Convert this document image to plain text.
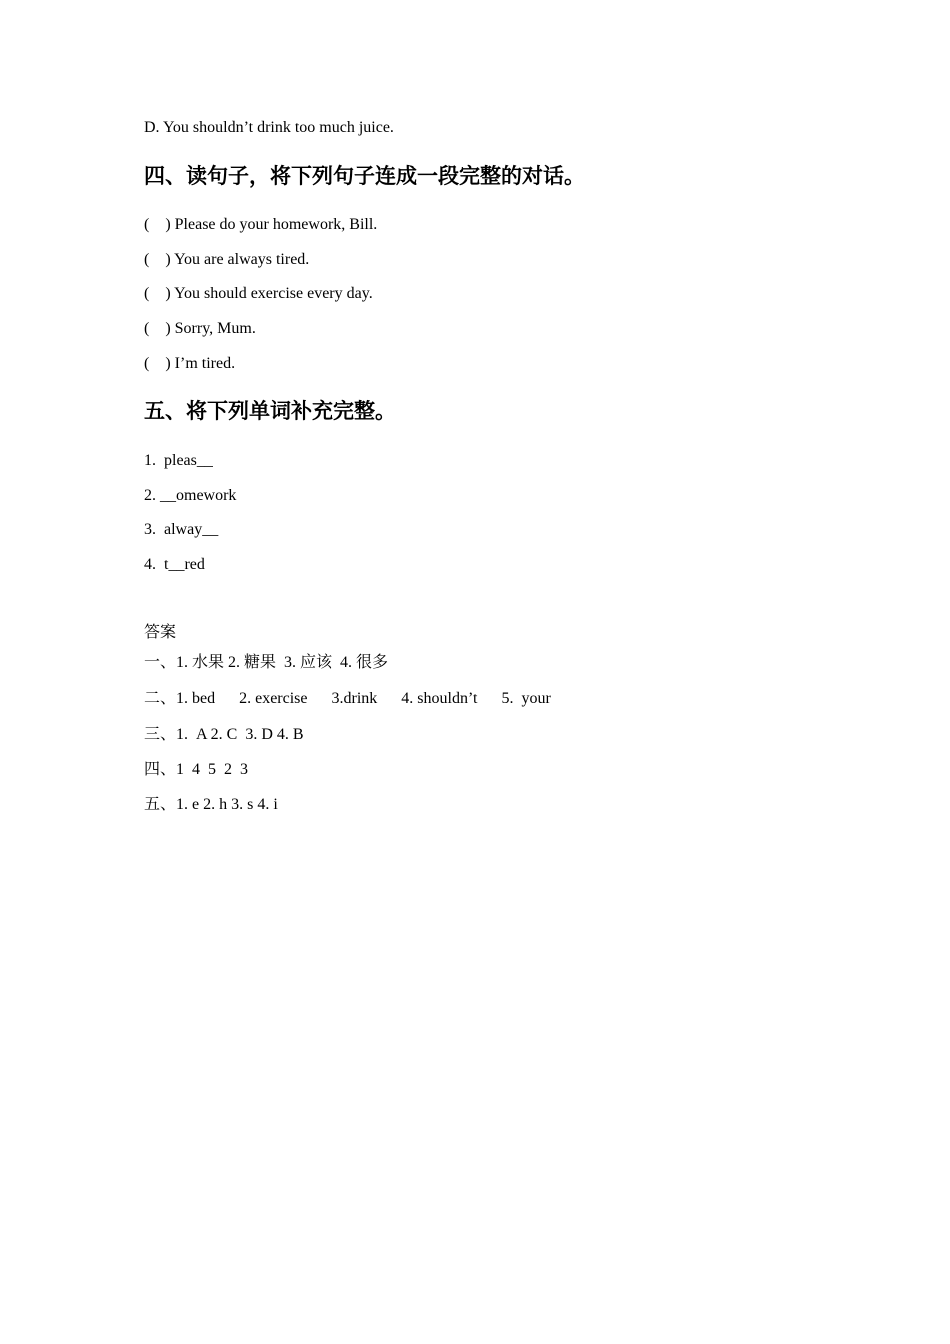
D. You shouldn’t drink too much juice.
四、读句子，将下列句子连成一段完整的对话。
(    ) Please do your homework, Bill.
(    ) You are always tired.
(    ) You should exercise every day.
(    ) Sorry, Mum.
(    ) I’m tired.
五、将下列单词补充完整。
1.  pleas__
2. __omework
3.  alway__
4.  t__red
答案
一、1. 水果 2. 糖果  3. 应该  4. 很多
二、1. bed      2. exercise      3.drink      4. shouldn’t      5.  your
三、1.  A 2. C  3. D 4. B
四、1  4  5  2  3
五、1. e 2. h 3. s 4. i
